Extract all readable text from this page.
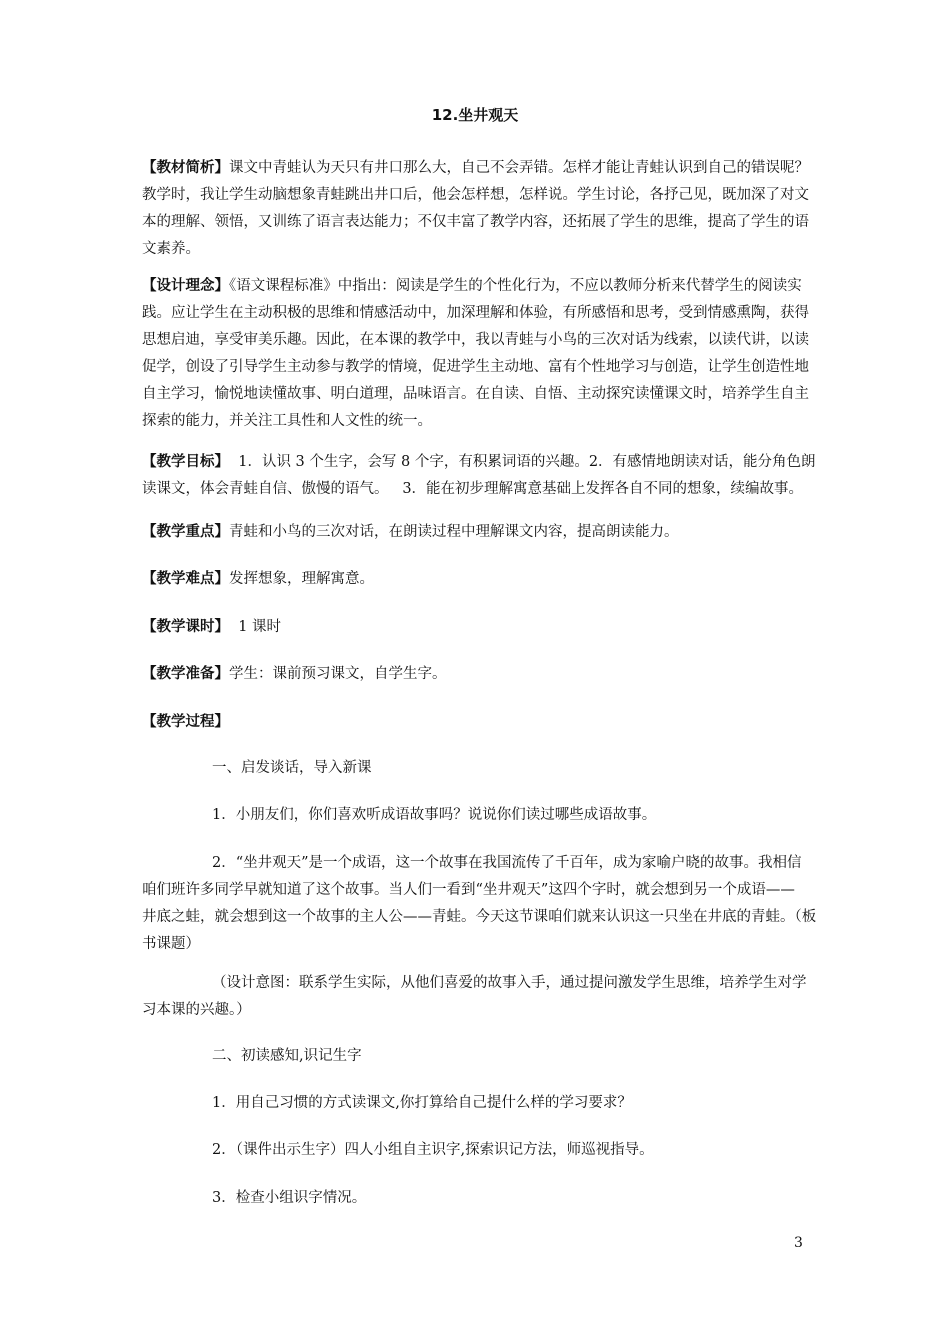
12.坐井观天
【教材简析】课文中青蛙认为天只有井口那么大，自己不会弄错。怎样才能让青蛙认识到自己的错误呢？
教学时，我让学生动脑想象青蛙跳出井口后，他会怎样想，怎样说。学生讨论，各抒己见，既加深了对文
本的理解、领悟，又训练了语言表达能力；不仅丰富了教学内容，还拓展了学生的思维，提高了学生的语
文素养。
【设计理念】《语文课程标准》中指出：阅读是学生的个性化行为，不应以教师分析来代替学生的阅读实
践。应让学生在主动积极的思维和情感活动中，加深理解和体验，有所感悟和思考，受到情感熏陶，获得
思想启迪，享受审美乐趣。因此，在本课的教学中，我以青蛙与小鸟的三次对话为线索，以读代讲，以读
促学，创设了引导学生主动参与教学的情境，促进学生主动地、富有个性地学习与创造，让学生创造性地
自主学习，愉悦地读懂故事、明白道理，品味语言。在自读、自悟、主动探究读懂课文时，培养学生自主
探索的能力，并关注工具性和人文性的统一。
【教学目标】  1．认识 3 个生字，会写 8 个字，有积累词语的兴趣。2．有感情地朗读对话，能分角色朗
读课文，体会青蛙自信、傲慢的语气。   3．能在初步理解寓意基础上发挥各自不同的想象，续编故事。
【教学重点】青蛙和小鸟的三次对话，在朗读过程中理解课文内容，提高朗读能力。
【教学难点】发挥想象，理解寓意。
【教学课时】  1 课时
【教学准备】学生：课前预习课文，自学生字。
【教学过程】
一、启发谈话，导入新课
1．小朋友们，你们喜欢听成语故事吗？说说你们读过哪些成语故事。
2．“坐井观天”是一个成语，这一个故事在我国流传了千百年，成为家喻户晓的故事。我相信
咱们班许多同学早就知道了这个故事。当人们一看到“坐井观天”这四个字时，就会想到另一个成语——
井底之蛙，就会想到这一个故事的主人公——青蛙。今天这节课咱们就来认识这一只坐在井底的青蛙。（板
书课题）
（设计意图：联系学生实际，从他们喜爱的故事入手，通过提问激发学生思维，培养学生对学
习本课的兴趣。）
二、初读感知,识记生字
1．用自己习惯的方式读课文,你打算给自己提什么样的学习要求？
2．（课件出示生字）四人小组自主识字,探索识记方法，师巡视指导。
3．检查小组识字情况。
3
